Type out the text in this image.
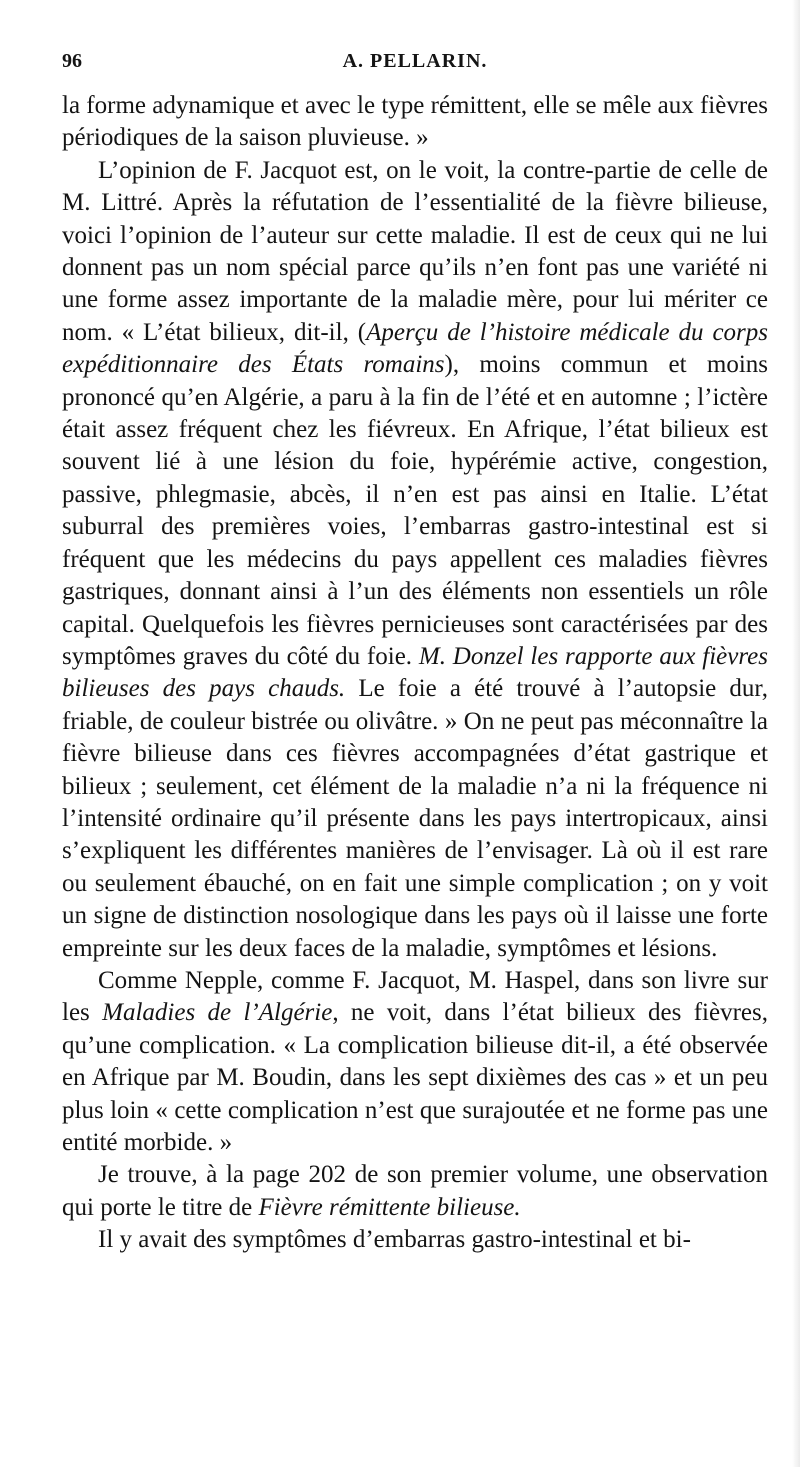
96	A. PELLARIN.

la forme adynamique et avec le type rémittent, elle se mêle aux fièvres périodiques de la saison pluvieuse. »

L’opinion de F. Jacquot est, on le voit, la contre-partie de celle de M. Littré. Après la réfutation de l’essentialité de la fièvre bilieuse, voici l’opinion de l’auteur sur cette maladie. Il est de ceux qui ne lui donnent pas un nom spécial parce qu’ils n’en font pas une variété ni une forme assez importante de la maladie mère, pour lui mériter ce nom. « L’état bilieux, dit-il, (Aperçu de l’histoire médicale du corps expéditionnaire des États romains), moins commun et moins prononcé qu’en Algérie, a paru à la fin de l’été et en automne ; l’ictère était assez fréquent chez les fiévreux. En Afrique, l’état bilieux est souvent lié à une lésion du foie, hypérémie active, congestion, passive, phlegmasie, abcès, il n’en est pas ainsi en Italie. L’état suburral des premières voies, l’embarras gastro-intestinal est si fréquent que les médecins du pays appellent ces maladies fièvres gastriques, donnant ainsi à l’un des éléments non essentiels un rôle capital. Quelquefois les fièvres pernicieuses sont caractérisées par des symptômes graves du côté du foie. M. Donzel les rapporte aux fièvres bilieuses des pays chauds. Le foie a été trouvé à l’autopsie dur, friable, de couleur bistrée ou olivâtre. » On ne peut pas méconnaître la fièvre bilieuse dans ces fièvres accompagnées d’état gastrique et bilieux ; seulement, cet élément de la maladie n’a ni la fréquence ni l’intensité ordinaire qu’il présente dans les pays intertropicaux, ainsi s’expliquent les différentes manières de l’envisager. Là où il est rare ou seulement ébauché, on en fait une simple complication ; on y voit un signe de distinction nosologique dans les pays où il laisse une forte empreinte sur les deux faces de la maladie, symptômes et lésions.

Comme Nepple, comme F. Jacquot, M. Haspel, dans son livre sur les Maladies de l’Algérie, ne voit, dans l’état bilieux des fièvres, qu’une complication. « La complication bilieuse dit-il, a été observée en Afrique par M. Boudin, dans les sept dixièmes des cas » et un peu plus loin « cette complication n’est que surajoutée et ne forme pas une entité morbide. »

Je trouve, à la page 202 de son premier volume, une observation qui porte le titre de Fièvre rémittente bilieuse.

Il y avait des symptômes d’embarras gastro-intestinal et bi-
